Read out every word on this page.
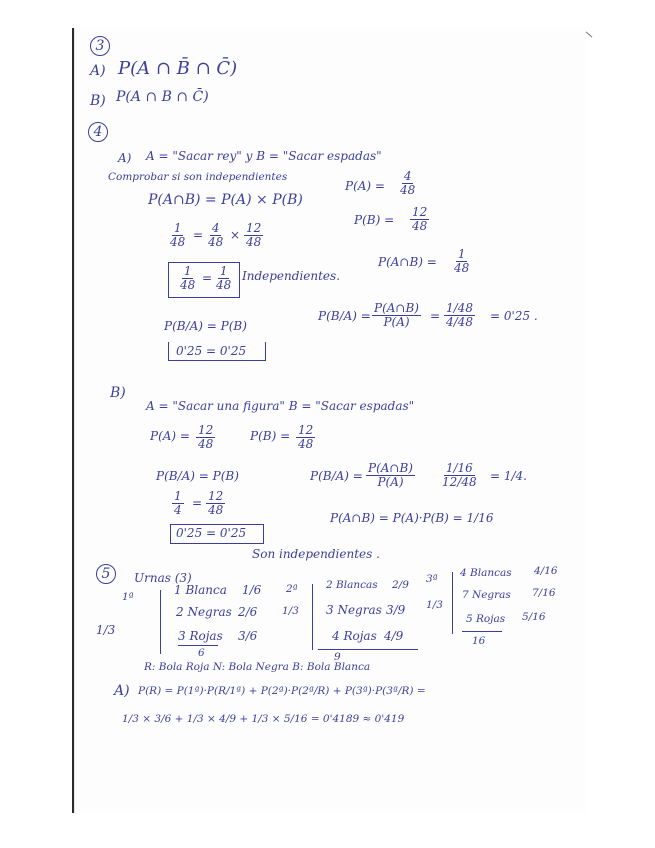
3
A) P(A ∩ B̄ ∩ C̄)
B) P(A ∩ B ∩ C̄)
4
A) A = "Sacar rey" y B = "Sacar espadas"
Comprobar si son independientes
$P(A) = \frac{4}{48}$
P(A∩B) = P(A) × P(B)
$P(B) = \frac{12}{48}$
$\frac{1}{48} = \frac{4}{48} \times \frac{12}{48}$
P(A∩B) = $\frac{1}{48}$
$\frac{1}{48} = \frac{1}{48}$ Independientes.
$P(B/A) = \frac{P(A\cap B)}{P(A)} = \frac{1/48}{4/48} = 0'25$ .
P(B/A) = P(B)
0'25 = 0'25
B)
A = "Sacar una figura" B = "Sacar espadas"
$P(A) = \frac{12}{48}$	$P(B) = \frac{12}{48}$
P(B/A) = P(B)	$P(B/A) = \frac{P(A\cap B)}{P(A)} \frac{1/16}{12/48} = 1/4$.
$\frac{1}{4} = \frac{12}{48}$
P(A∩B) = P(A)·P(B) = 1/16
0'25 = 0'25
Son independientes .
5	Urnas (3)
1ª
1/3
1 Blanca 1/6
2 Negras 2/6
3 Rojas 3/6
6
2ª
1/3
2 Blancas 2/9
3 Negras 3/9
4 Rojas 4/9
9
3ª
1/3
4 Blancas 4/16
7 Negras 7/16
5 Rojas 5/16
16
R: Bola Roja N: Bola Negra B: Bola Blanca
A) P(R) = P(1ª)·P(R/1ª) + P(2ª)·P(2ª/R) + P(3ª)·P(3ª/R) =
1/3 × 3/6 + 1/3 × 4/9 + 1/3 × 5/16 = 0'4189 ≈ 0'419
